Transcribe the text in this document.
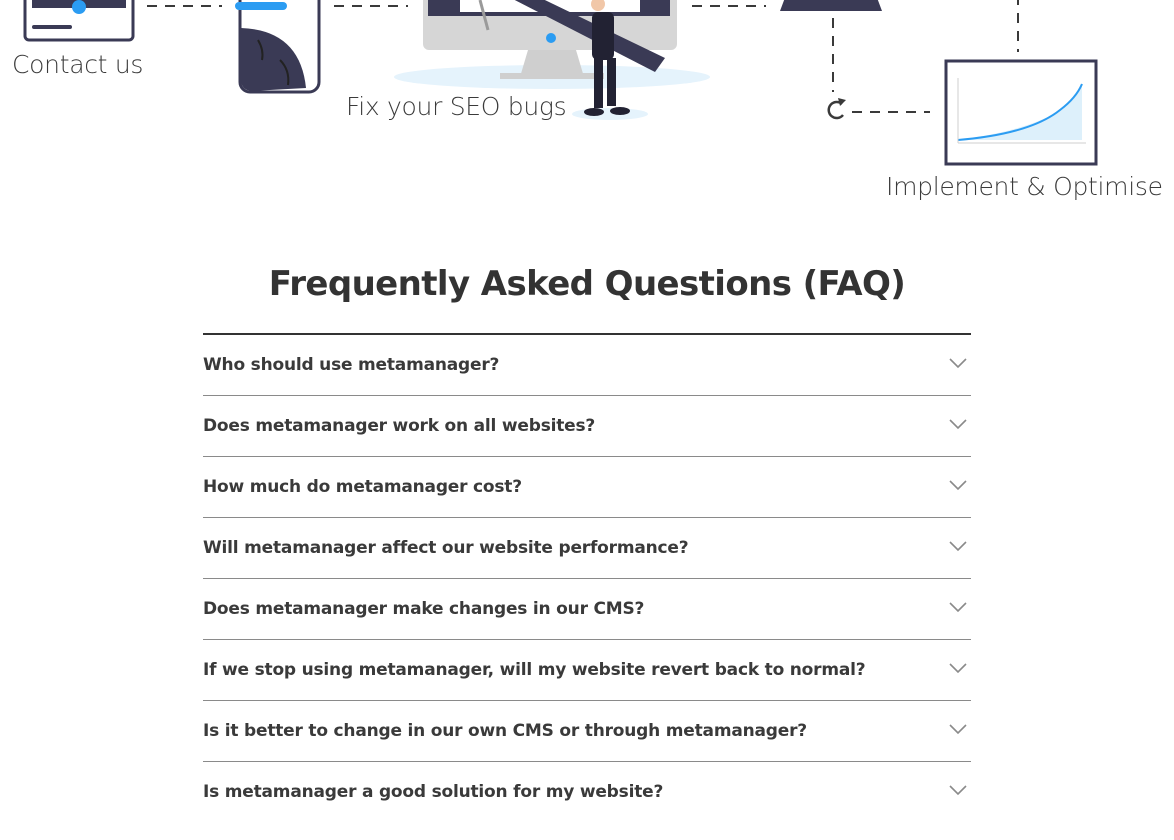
Contact us
Fix your SEO bugs
Implement & Optimise
Frequently Asked Questions (FAQ)
Who should use metamanager?
Does metamanager work on all websites?
How much do metamanager cost?
Will metamanager affect our website performance?
Does metamanager make changes in our CMS?
If we stop using metamanager, will my website revert back to normal?
Is it better to change in our own CMS or through metamanager?
Is metamanager a good solution for my website?
